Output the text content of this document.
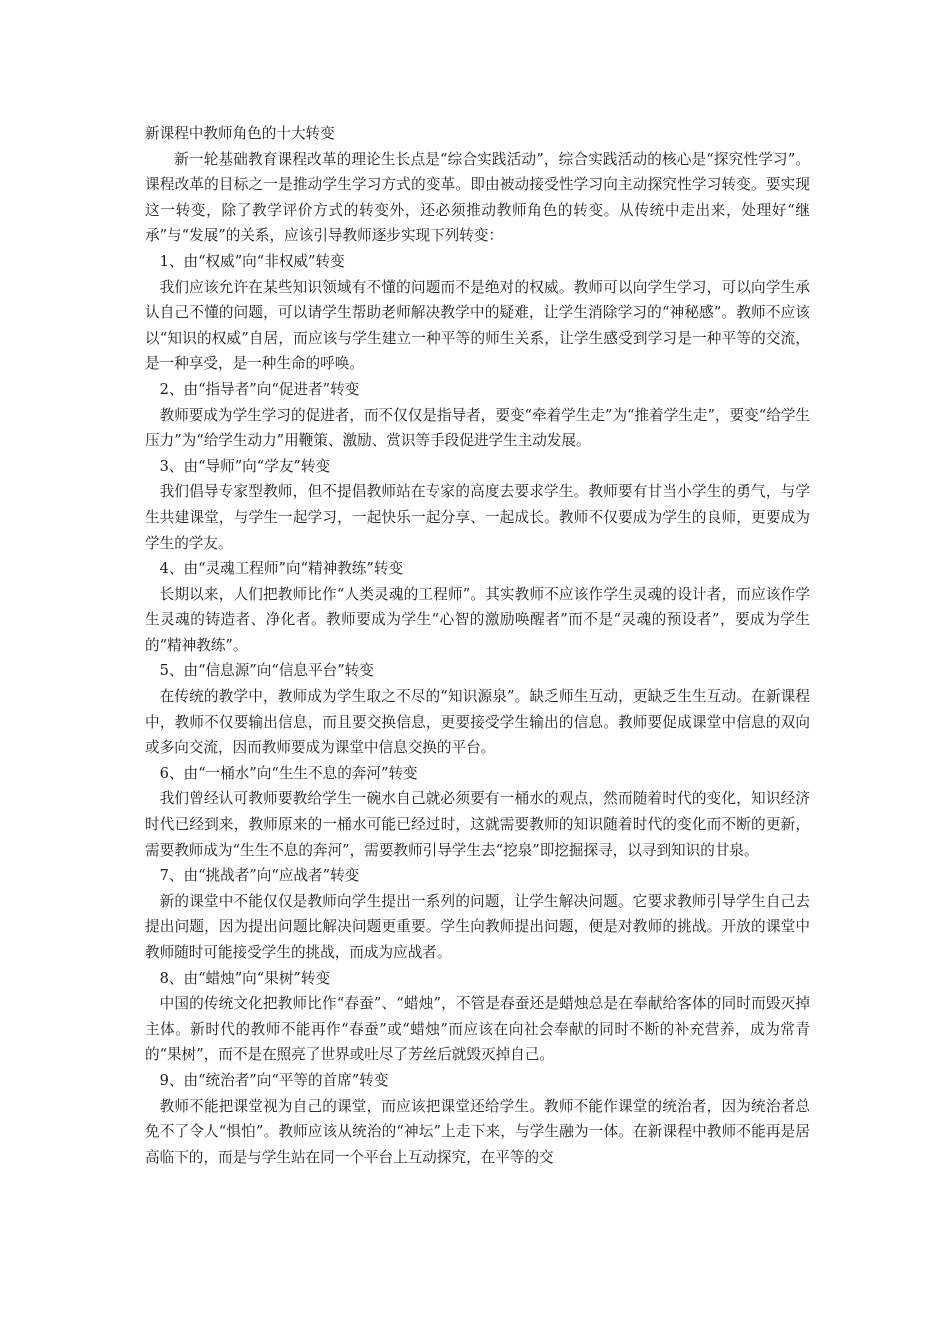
新课程中教师角色的十大转变

新一轮基础教育课程改革的理论生长点是“综合实践活动”，综合实践活动的核心是“探究性学习”。课程改革的目标之一是推动学生学习方式的变革。即由被动接受性学习向主动探究性学习转变。要实现这一转变，除了教学评价方式的转变外，还必须推动教师角色的转变。从传统中走出来，处理好“继承”与“发展”的关系，应该引导教师逐步实现下列转变：

1、由“权威”向“非权威”转变

我们应该允许在某些知识领域有不懂的问题而不是绝对的权威。教师可以向学生学习，可以向学生承认自己不懂的问题，可以请学生帮助老师解决教学中的疑难，让学生消除学习的“神秘感”。教师不应该以“知识的权威”自居，而应该与学生建立一种平等的师生关系，让学生感受到学习是一种平等的交流，是一种享受，是一种生命的呼唤。

2、由“指导者”向“促进者”转变

教师要成为学生学习的促进者，而不仅仅是指导者，要变“牵着学生走”为“推着学生走”，要变“给学生压力”为“给学生动力”用鞭策、激励、赏识等手段促进学生主动发展。

3、由“导师”向“学友”转变

我们倡导专家型教师，但不提倡教师站在专家的高度去要求学生。教师要有甘当小学生的勇气，与学生共建课堂，与学生一起学习，一起快乐一起分享、一起成长。教师不仅要成为学生的良师，更要成为学生的学友。

4、由“灵魂工程师”向“精神教练”转变

长期以来，人们把教师比作“人类灵魂的工程师”。其实教师不应该作学生灵魂的设计者，而应该作学生灵魂的铸造者、净化者。教师要成为学生“心智的激励唤醒者”而不是“灵魂的预设者”，要成为学生的“精神教练”。

5、由“信息源”向“信息平台”转变

在传统的教学中，教师成为学生取之不尽的“知识源泉”。缺乏师生互动，更缺乏生生互动。在新课程中，教师不仅要输出信息，而且要交换信息，更要接受学生输出的信息。教师要促成课堂中信息的双向或多向交流，因而教师要成为课堂中信息交换的平台。

6、由“一桶水”向“生生不息的奔河”转变

我们曾经认可教师要教给学生一碗水自己就必须要有一桶水的观点，然而随着时代的变化，知识经济时代已经到来，教师原来的一桶水可能已经过时，这就需要教师的知识随着时代的变化而不断的更新，需要教师成为“生生不息的奔河”，需要教师引导学生去“挖泉”即挖掘探寻，以寻到知识的甘泉。

7、由“挑战者”向“应战者”转变

新的课堂中不能仅仅是教师向学生提出一系列的问题，让学生解决问题。它要求教师引导学生自己去提出问题，因为提出问题比解决问题更重要。学生向教师提出问题，便是对教师的挑战。开放的课堂中教师随时可能接受学生的挑战，而成为应战者。

8、由“蜡烛”向“果树”转变

中国的传统文化把教师比作“春蚕”、“蜡烛”，不管是春蚕还是蜡烛总是在奉献给客体的同时而毁灭掉主体。新时代的教师不能再作“春蚕”或“蜡烛”而应该在向社会奉献的同时不断的补充营养，成为常青的“果树”，而不是在照亮了世界或吐尽了芳丝后就毁灭掉自己。

9、由“统治者”向“平等的首席”转变

教师不能把课堂视为自己的课堂，而应该把课堂还给学生。教师不能作课堂的统治者，因为统治者总免不了令人“惧怕”。教师应该从统治的“神坛”上走下来，与学生融为一体。在新课程中教师不能再是居高临下的，而是与学生站在同一个平台上互动探究，在平等的交
